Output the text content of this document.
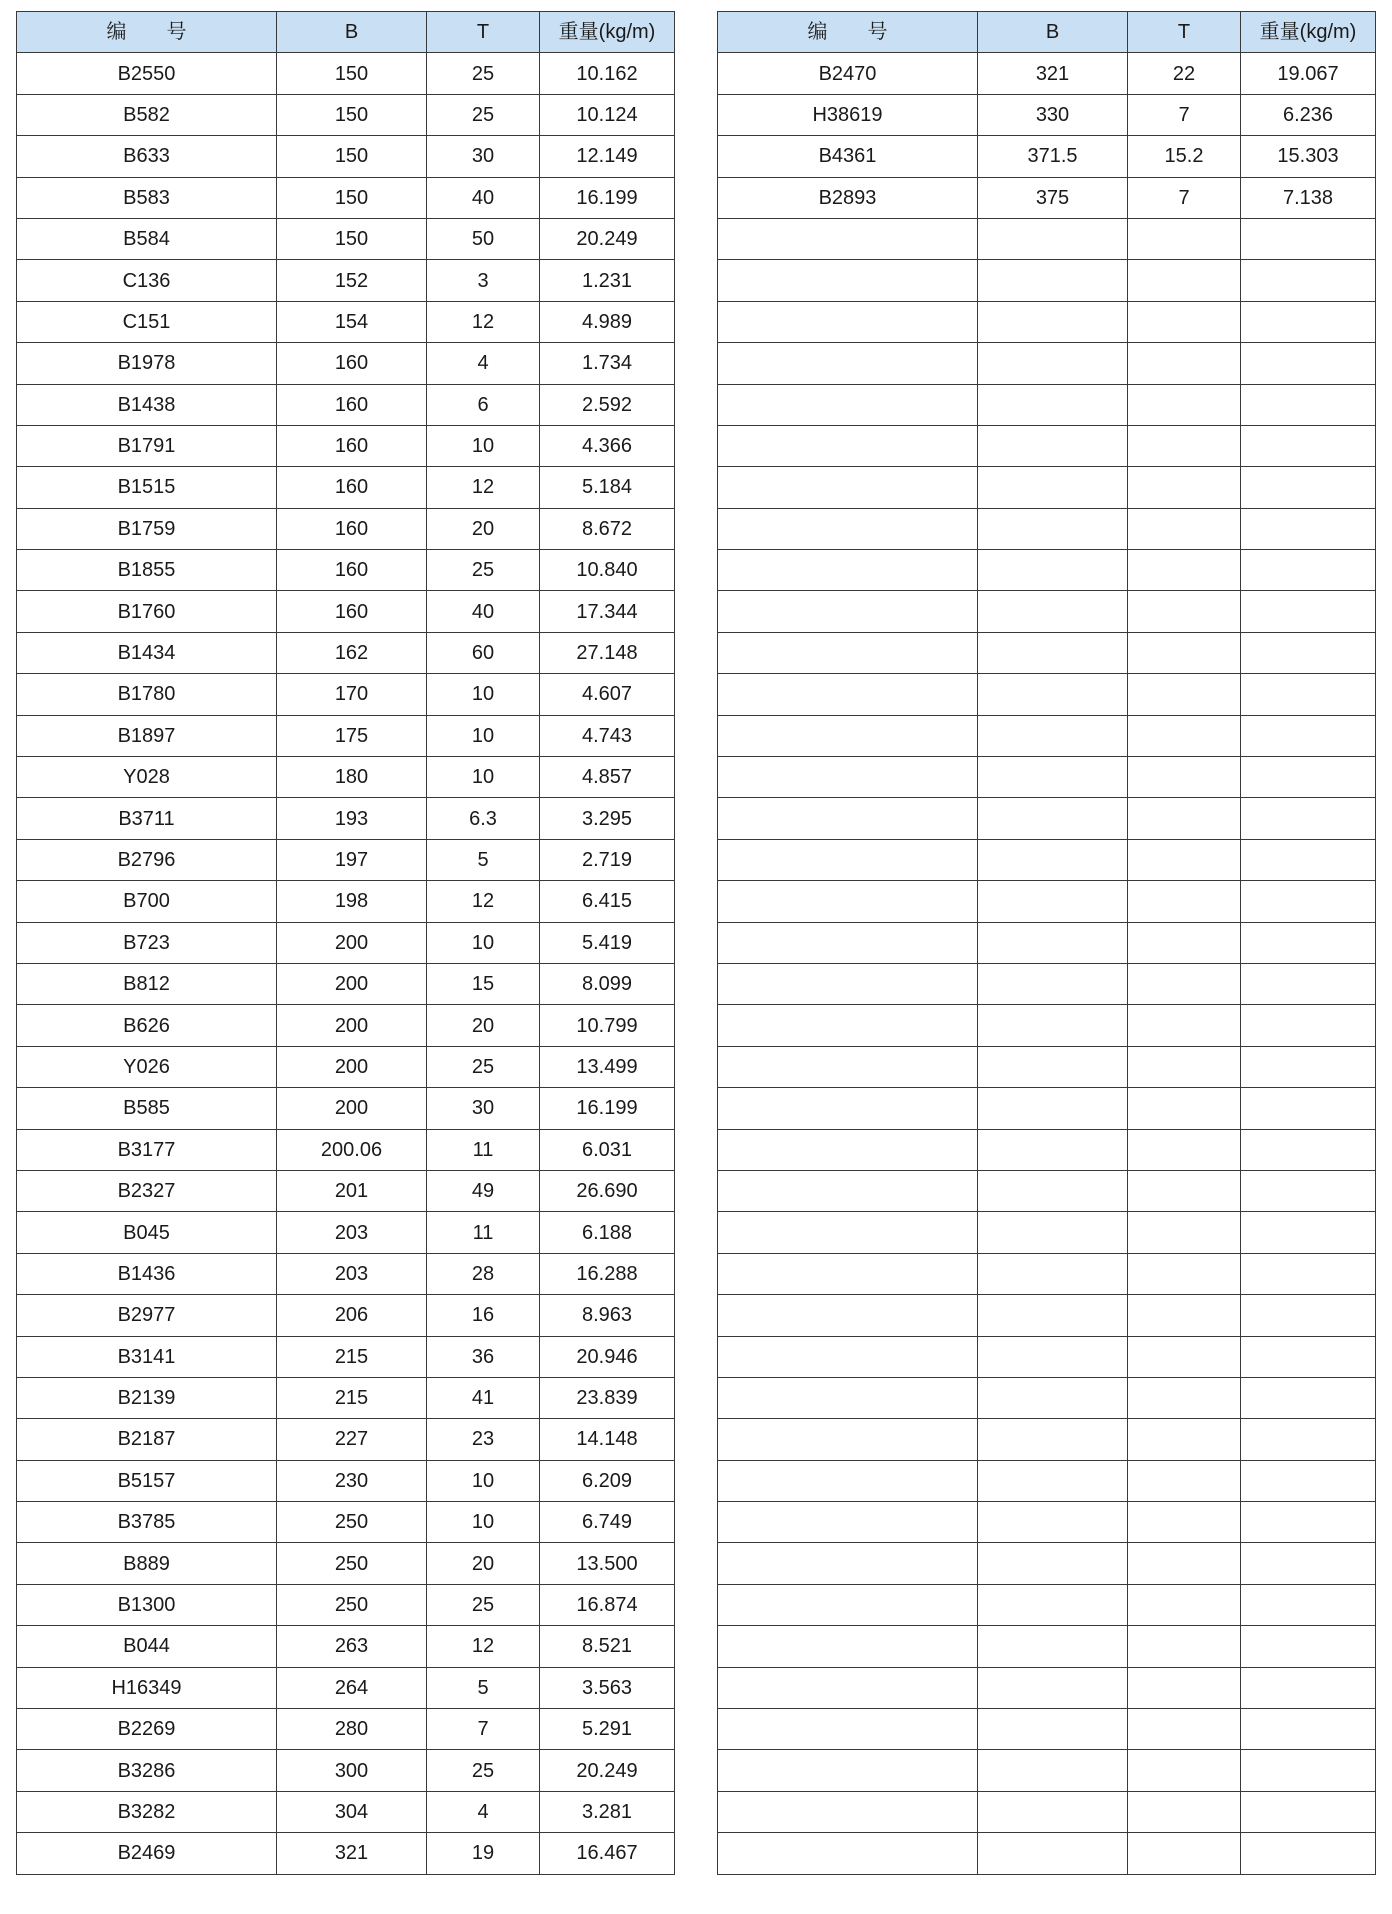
编　　号	B	T	重量(kg/m)
B2550	150	25	10.162
B582	150	25	10.124
B633	150	30	12.149
B583	150	40	16.199
B584	150	50	20.249
C136	152	3	1.231
C151	154	12	4.989
B1978	160	4	1.734
B1438	160	6	2.592
B1791	160	10	4.366
B1515	160	12	5.184
B1759	160	20	8.672
B1855	160	25	10.840
B1760	160	40	17.344
B1434	162	60	27.148
B1780	170	10	4.607
B1897	175	10	4.743
Y028	180	10	4.857
B3711	193	6.3	3.295
B2796	197	5	2.719
B700	198	12	6.415
B723	200	10	5.419
B812	200	15	8.099
B626	200	20	10.799
Y026	200	25	13.499
B585	200	30	16.199
B3177	200.06	11	6.031
B2327	201	49	26.690
B045	203	11	6.188
B1436	203	28	16.288
B2977	206	16	8.963
B3141	215	36	20.946
B2139	215	41	23.839
B2187	227	23	14.148
B5157	230	10	6.209
B3785	250	10	6.749
B889	250	20	13.500
B1300	250	25	16.874
B044	263	12	8.521
H16349	264	5	3.563
B2269	280	7	5.291
B3286	300	25	20.249
B3282	304	4	3.281
B2469	321	19	16.467
编　　号	B	T	重量(kg/m)
B2470	321	22	19.067
H38619	330	7	6.236
B4361	371.5	15.2	15.303
B2893	375	7	7.138
